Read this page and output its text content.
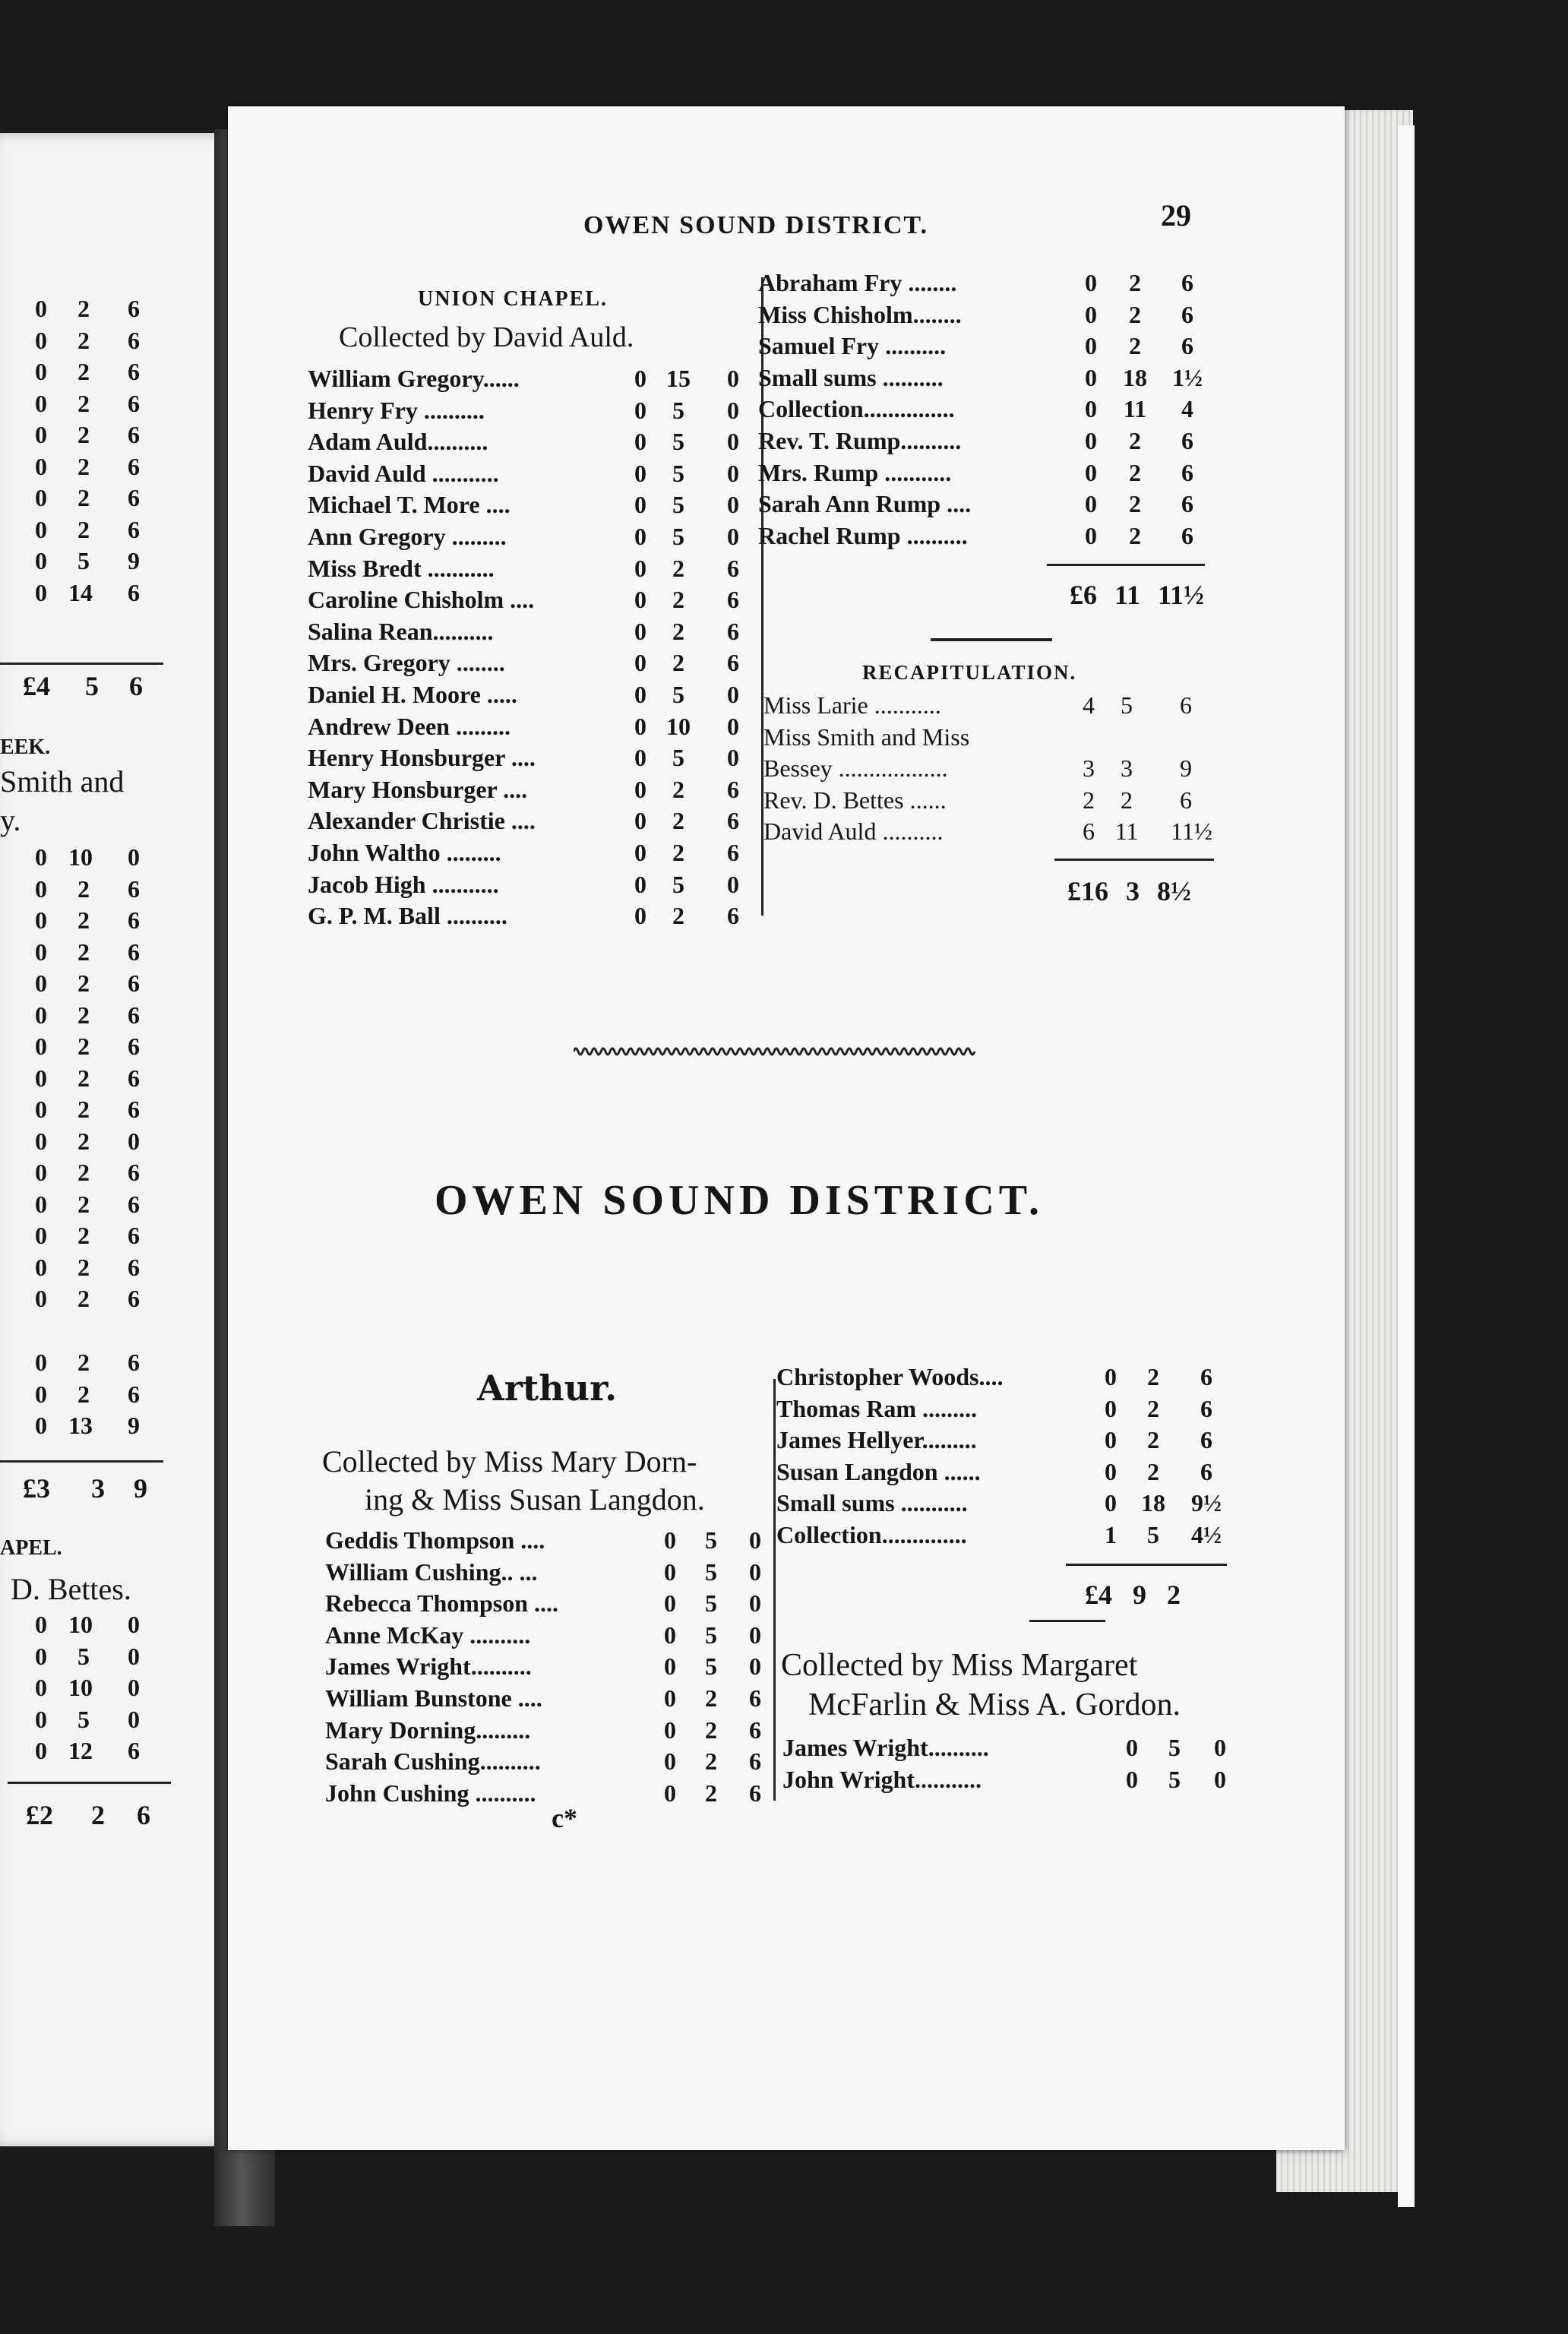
OWEN SOUND DISTRICT.	29
UNION CHAPEL.
Collected by David Auld.
William Gregory......	0 15	0
Henry Fry ..........	0	5	0
Adam Auld..........	0	5	0
David Auld ...........	0	5	0
Michael T. More ....	0	5	0
Ann Gregory .........	0	5	0
Miss Bredt ...........	0	2	6
Caroline Chisholm ....	0	2	6
Salina Rean..........	0	2	6
Mrs. Gregory ........	0	2	6
Daniel H. Moore .....	0	5	0
Andrew Deen .........	0 10	0
Henry Honsburger ....	0	5	0
Mary Honsburger ....	0	2	6
Alexander Christie ....	0	2	6
John Waltho .........	0	2	6
Jacob High ...........	0	5	0
G. P. M. Ball ..........	0	2	6
Abraham Fry ........	0	2	6
Miss Chisholm........	0	2	6
Samuel Fry ..........	0	2	6
Small sums ..........	0	18 1½
Collection...............	0	11	4
Rev. T. Rump..........	0	2	6
Mrs. Rump ...........	0	2	6
Sarah Ann Rump ....	0	2	6
Rachel Rump ..........	0	2	6
£6 11 11½
RECAPITULATION.
Miss Larie ...........	4	5	6
Miss Smith and Miss
Bessey ..................	3	3	9
Rev. D. Bettes ......	2	2	6
David Auld ..........	6 11 11½
£16 3 8½
OWEN SOUND DISTRICT.
Arthur.
Collected by Miss Mary Dorn-
ing & Miss Susan Langdon.
Geddis Thompson ....	0	5	0
William Cushing.. ...	0	5	0
Rebecca Thompson ....	0	5	0
Anne McKay ..........	0	5	0
James Wright..........	0	5	0
William Bunstone ....	0	2	6
Mary Dorning.........	0	2	6
Sarah Cushing..........	0	2	6
John Cushing ..........	0	2	6
Christopher Woods....	0	2	6
Thomas Ram .........	0	2	6
James Hellyer.........	0	2	6
Susan Langdon ......	0	2	6
Small sums ...........	0	18 9½
Collection..............	1	5	4½
£4 9 2
Collected by Miss Margaret
McFarlin & Miss A. Gordon.
James Wright..........	0	5	0
John Wright...........	0	5	0
c*
0 2 6
0 2 6
0 2 6
0 2 6
0 2 6
0 2 6
0 2 6
0 2 6
0 5 9
0 14 6
£4 5 6
EEK.
Smith and
y.
0 10 0
0 2 6
0 2 6
0 2 6
0 2 6
0 2 6
0 2 6
0 2 6
0 2 6
0 2 0
0 2 6
0 2 6
0 2 6
0 2 6
0 2 6
0 2 6
0 2 6
0 13 9
£3 3 9
APEL.
D. Bettes.
0 10 0
0 5 0
0 10 0
0 5 0
0 12 6
£2 2 6
